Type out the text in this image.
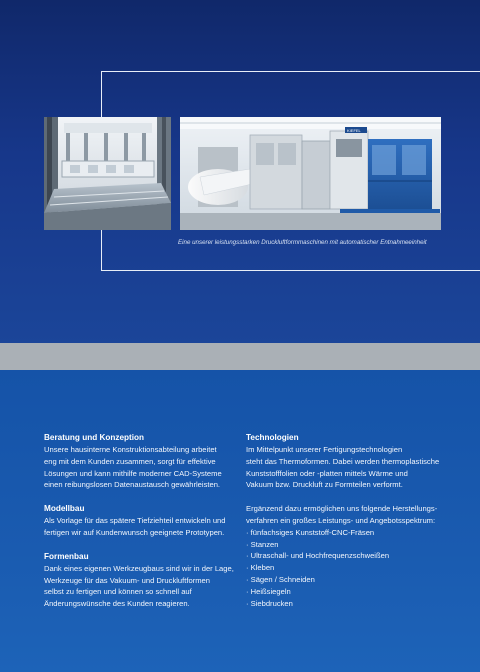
KIEFEL
Eine unserer leistungsstarken Druckluftformmaschinen mit automatischer Entnahmeeinheit
Beratung und Konzeption
Unsere hausinterne Konstruktionsabteilung arbeitet
eng mit dem Kunden zusammen, sorgt für effektive
Lösungen und kann mithilfe moderner CAD-Systeme
einen reibungslosen Datenaustausch gewährleisten.
Modellbau
Als Vorlage für das spätere Tiefziehteil entwickeln und
fertigen wir auf Kundenwunsch geeignete Prototypen.
Formenbau
Dank eines eigenen Werkzeugbaus sind wir in der Lage,
Werkzeuge für das Vakuum- und Druckluftformen
selbst zu fertigen und können so schnell auf
Änderungswünsche des Kunden reagieren.
Technologien
Im Mittelpunkt unserer Fertigungstechnologien
steht das Thermoformen. Dabei werden thermoplastische
Kunststofffolien oder -platten mittels Wärme und
Vakuum bzw. Druckluft zu Formteilen verformt.
Ergänzend dazu ermöglichen uns folgende Herstellungs-
verfahren ein großes Leistungs- und Angebotsspektrum:
· fünfachsiges Kunststoff-CNC-Fräsen
· Stanzen
· Ultraschall- und Hochfrequenzschweißen
· Kleben
· Sägen / Schneiden
· Heißsiegeln
· Siebdrucken
